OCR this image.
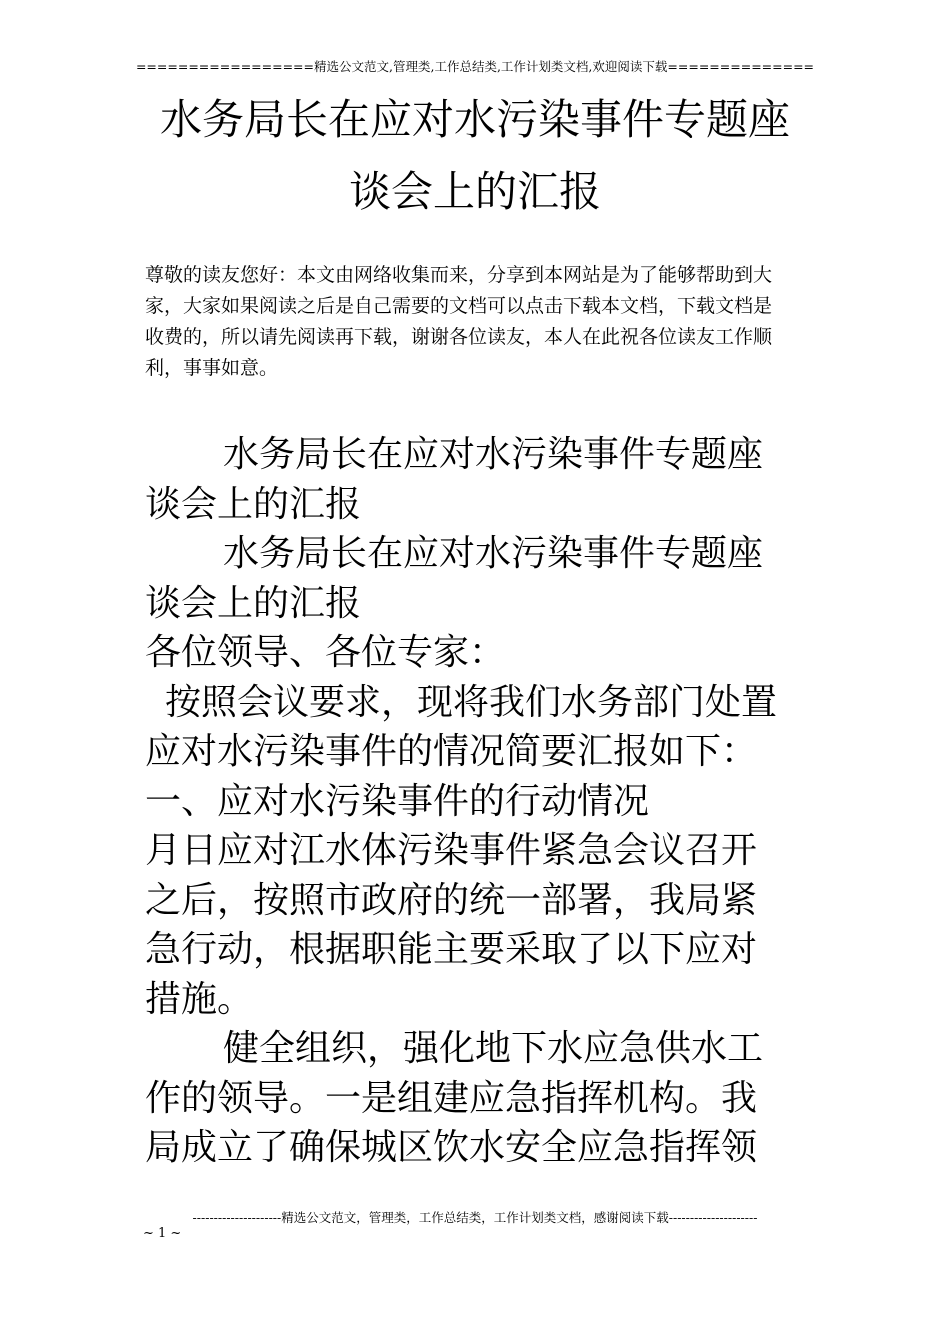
=================精选公文范文,管理类,工作总结类,工作计划类文档,欢迎阅读下载==============
水务局长在应对水污染事件专题座
谈会上的汇报
尊敬的读友您好：本文由网络收集而来，分享到本网站是为了能够帮助到大
家，大家如果阅读之后是自己需要的文档可以点击下载本文档，下载文档是
收费的，所以请先阅读再下载，谢谢各位读友，本人在此祝各位读友工作顺
利，事事如意。
水务局长在应对水污染事件专题座
谈会上的汇报
水务局长在应对水污染事件专题座
谈会上的汇报
各位领导、各位专家：
按照会议要求，现将我们水务部门处置
应对水污染事件的情况简要汇报如下：
一、应对水污染事件的行动情况
月日应对江水体污染事件紧急会议召开
之后，按照市政府的统一部署，我局紧
急行动，根据职能主要采取了以下应对
措施。
健全组织，强化地下水应急供水工
作的领导。一是组建应急指挥机构。我
局成立了确保城区饮水安全应急指挥领
---------------------精选公文范文，管理类，工作总结类，工作计划类文档，感谢阅读下载---------------------
~ 1 ~
